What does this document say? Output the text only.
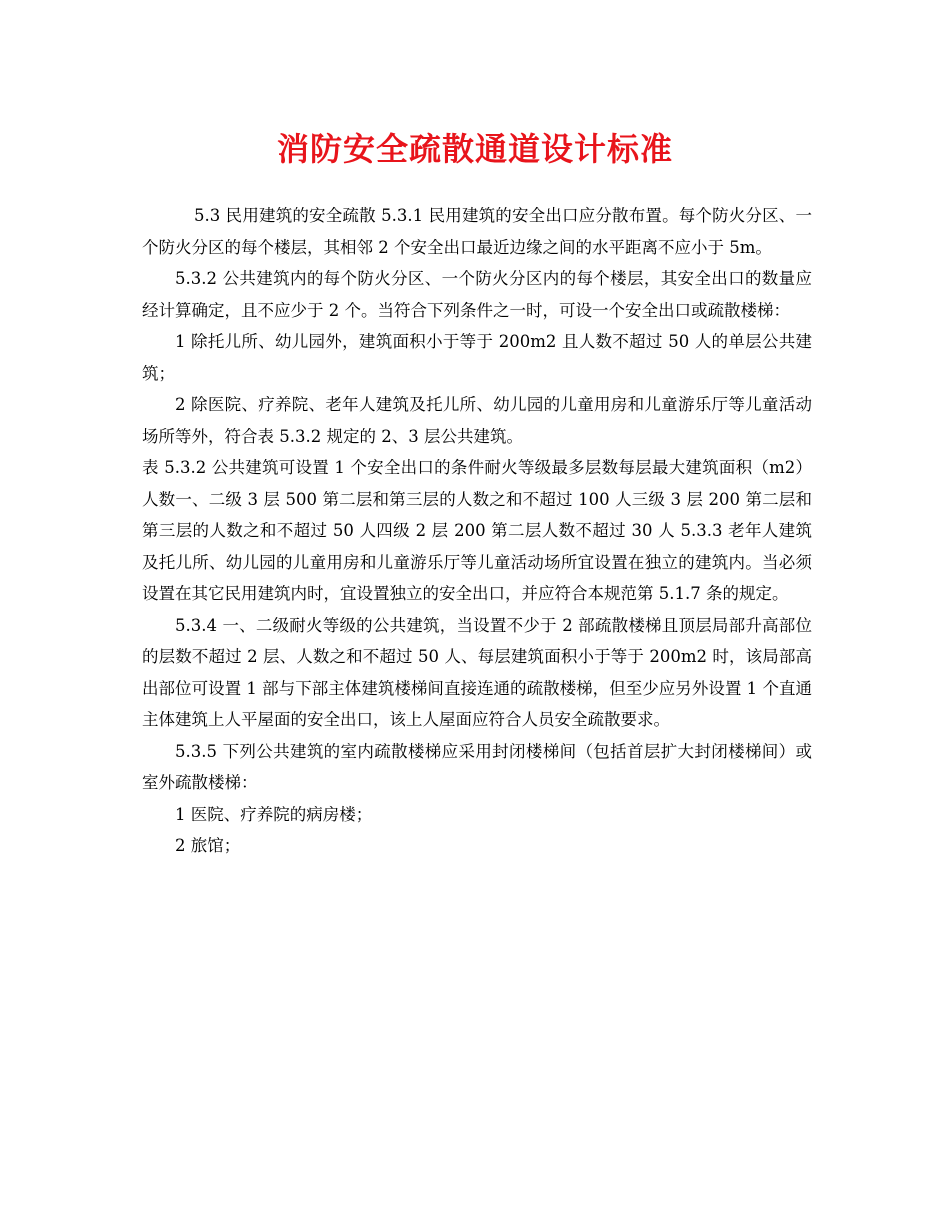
消防安全疏散通道设计标准

5.3 民用建筑的安全疏散 5.3.1 民用建筑的安全出口应分散布置。每个防火分区、一个防火分区的每个楼层，其相邻 2 个安全出口最近边缘之间的水平距离不应小于 5m。

5.3.2 公共建筑内的每个防火分区、一个防火分区内的每个楼层，其安全出口的数量应经计算确定，且不应少于 2 个。当符合下列条件之一时，可设一个安全出口或疏散楼梯：

1 除托儿所、幼儿园外，建筑面积小于等于 200m2 且人数不超过 50 人的单层公共建筑；

2 除医院、疗养院、老年人建筑及托儿所、幼儿园的儿童用房和儿童游乐厅等儿童活动场所等外，符合表 5.3.2 规定的 2、3 层公共建筑。

表 5.3.2 公共建筑可设置 1 个安全出口的条件耐火等级最多层数每层最大建筑面积（m2）人数一、二级 3 层 500 第二层和第三层的人数之和不超过 100 人三级 3 层 200 第二层和第三层的人数之和不超过 50 人四级 2 层 200 第二层人数不超过 30 人 5.3.3 老年人建筑及托儿所、幼儿园的儿童用房和儿童游乐厅等儿童活动场所宜设置在独立的建筑内。当必须设置在其它民用建筑内时，宜设置独立的安全出口，并应符合本规范第 5.1.7 条的规定。

5.3.4 一、二级耐火等级的公共建筑，当设置不少于 2 部疏散楼梯且顶层局部升高部位的层数不超过 2 层、人数之和不超过 50 人、每层建筑面积小于等于 200m2 时，该局部高出部位可设置 1 部与下部主体建筑楼梯间直接连通的疏散楼梯，但至少应另外设置 1 个直通主体建筑上人平屋面的安全出口，该上人屋面应符合人员安全疏散要求。

5.3.5 下列公共建筑的室内疏散楼梯应采用封闭楼梯间（包括首层扩大封闭楼梯间）或室外疏散楼梯：

1 医院、疗养院的病房楼；

2 旅馆；
